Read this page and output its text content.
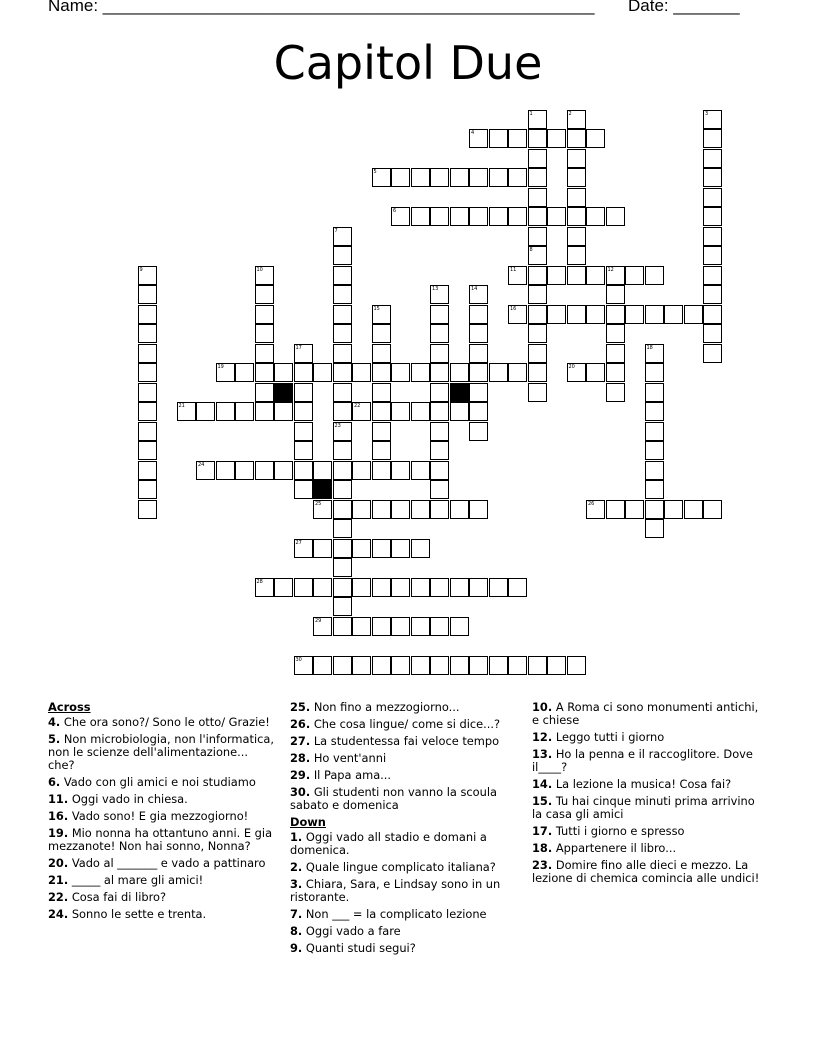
Name: ____________________________________________________ Date: _______
Capitol Due
1
8
2	3
4
5
6
7
23
9	10	11	12
13	14
15	16
17	18
19	20
21	22
24
25	26
27
28
29
30
Across
4. Che ora sono?/ Sono le otto/ Grazie!
5. Non microbiologia, non l'informatica, non le scienze dell'alimentazione... che?
6. Vado con gli amici e noi studiamo
11. Oggi vado in chiesa.
16. Vado sono! E gia mezzogiorno!
19. Mio nonna ha ottantuno anni. E gia mezzanote! Non hai sonno, Nonna?
20. Vado al _______ e vado a pattinaro
21. _____ al mare gli amici!
22. Cosa fai di libro?
24. Sonno le sette e trenta.
25. Non fino a mezzogiorno...
26. Che cosa lingue/ come si dice...?
27. La studentessa fai veloce tempo
28. Ho vent'anni
29. Il Papa ama...
30. Gli studenti non vanno la scoula sabato e domenica
Down
1. Oggi vado all stadio e domani a domenica.
2. Quale lingue complicato italiana?
3. Chiara, Sara, e Lindsay sono in un ristorante.
7. Non ___ = la complicato lezione
8. Oggi vado a fare
9. Quanti studi segui?
10. A Roma ci sono monumenti antichi, e chiese
12. Leggo tutti i giorno
13. Ho la penna e il raccoglitore. Dove il____?
14. La lezione la musica! Cosa fai?
15. Tu hai cinque minuti prima arrivino la casa gli amici
17. Tutti i giorno e spresso
18. Appartenere il libro...
23. Domire fino alle dieci e mezzo. La lezione di chemica comincia alle undici!
